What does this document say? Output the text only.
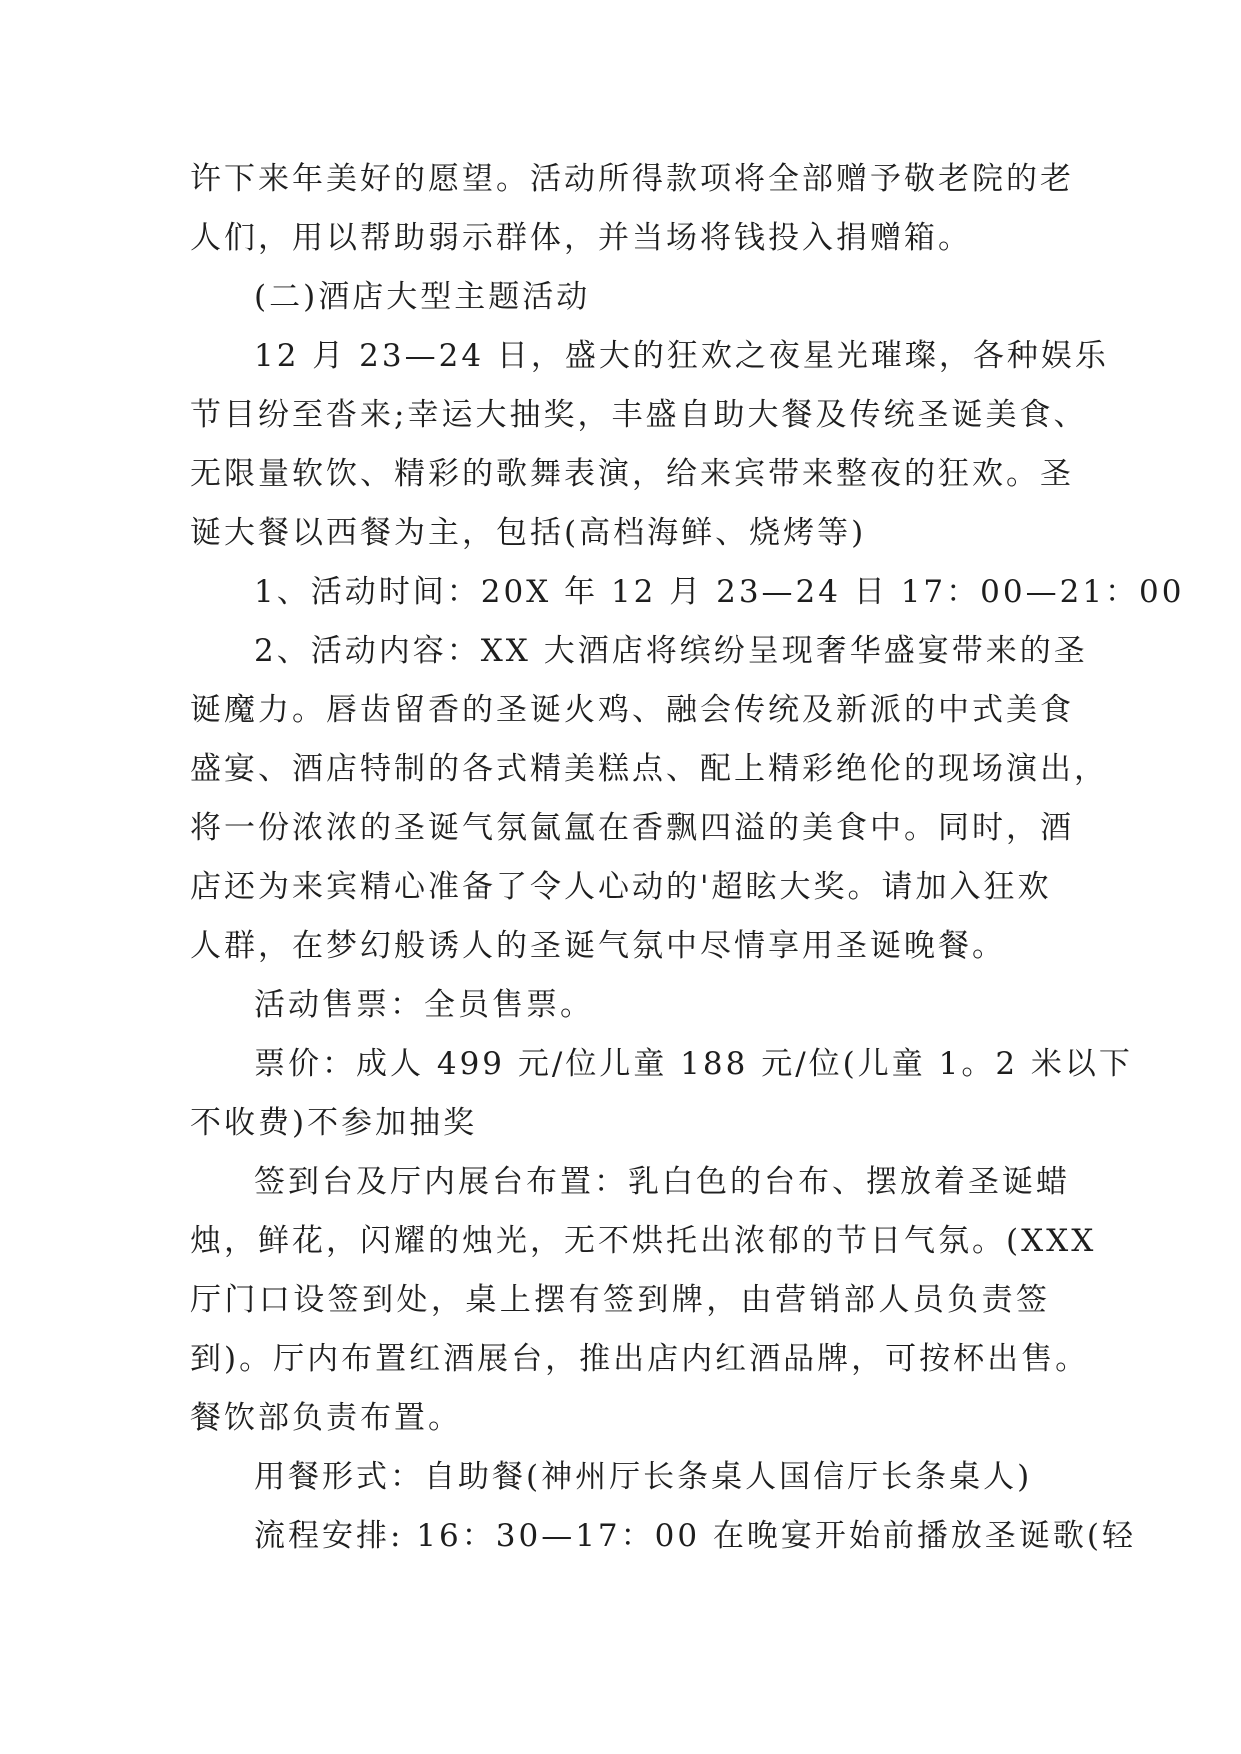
许下来年美好的愿望。活动所得款项将全部赠予敬老院的老
人们，用以帮助弱示群体，并当场将钱投入捐赠箱。
(二)酒店大型主题活动
12 月 23—24 日，盛大的狂欢之夜星光璀璨，各种娱乐
节目纷至沓来;幸运大抽奖，丰盛自助大餐及传统圣诞美食、
无限量软饮、精彩的歌舞表演，给来宾带来整夜的狂欢。圣
诞大餐以西餐为主，包括(高档海鲜、烧烤等)
1、活动时间：20X 年 12 月 23—24 日 17：00—21：00
2、活动内容：XX 大酒店将缤纷呈现奢华盛宴带来的圣
诞魔力。唇齿留香的圣诞火鸡、融会传统及新派的中式美食
盛宴、酒店特制的各式精美糕点、配上精彩绝伦的现场演出，
将一份浓浓的圣诞气氛氤氲在香飘四溢的美食中。同时，酒
店还为来宾精心准备了令人心动的'超眩大奖。请加入狂欢
人群，在梦幻般诱人的圣诞气氛中尽情享用圣诞晚餐。
活动售票：全员售票。
票价：成人 499 元/位儿童 188 元/位(儿童 1。2 米以下
不收费)不参加抽奖
签到台及厅内展台布置：乳白色的台布、摆放着圣诞蜡
烛，鲜花，闪耀的烛光，无不烘托出浓郁的节日气氛。(XXX
厅门口设签到处，桌上摆有签到牌，由营销部人员负责签
到)。厅内布置红酒展台，推出店内红酒品牌，可按杯出售。
餐饮部负责布置。
用餐形式：自助餐(神州厅长条桌人国信厅长条桌人)
流程安排: 16：30—17：00 在晚宴开始前播放圣诞歌(轻
